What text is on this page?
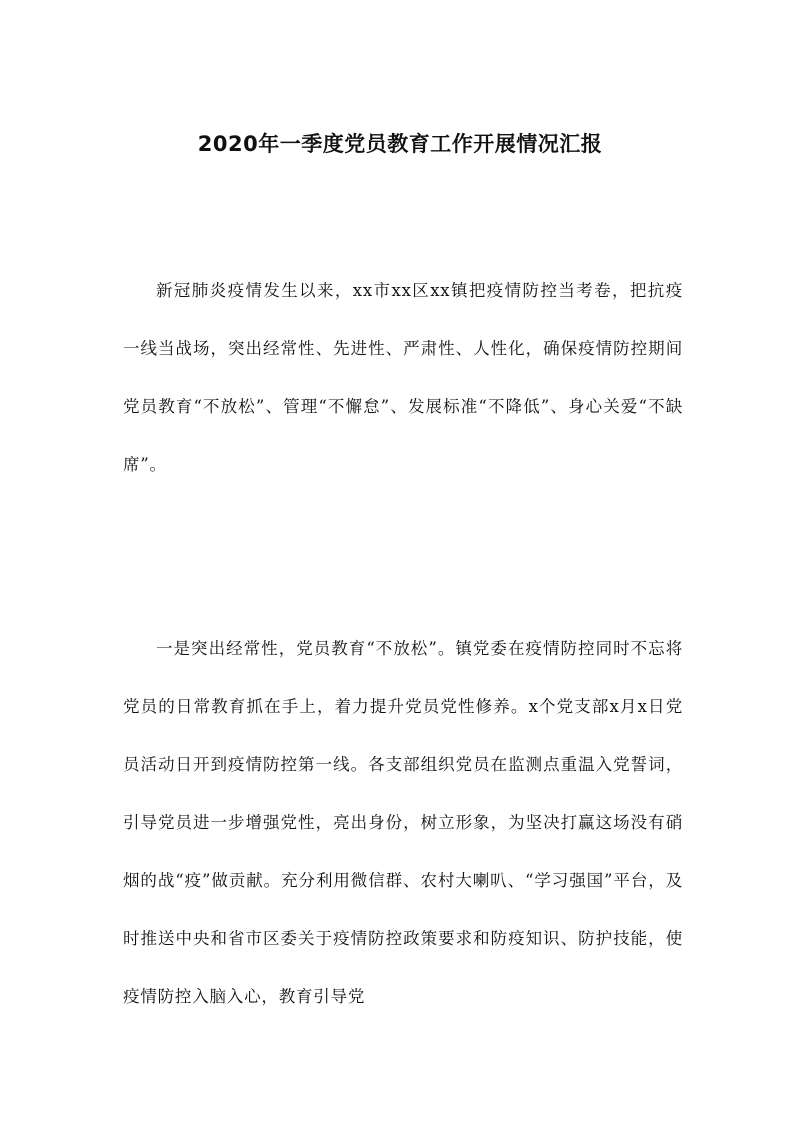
2020年一季度党员教育工作开展情况汇报

新冠肺炎疫情发生以来，xx市xx区xx镇把疫情防控当考卷，把抗疫一线当战场，突出经常性、先进性、严肃性、人性化，确保疫情防控期间党员教育“不放松”、管理“不懈怠”、发展标准“不降低”、身心关爱“不缺席”。

一是突出经常性，党员教育“不放松”。镇党委在疫情防控同时不忘将党员的日常教育抓在手上，着力提升党员党性修养。x个党支部x月x日党员活动日开到疫情防控第一线。各支部组织党员在监测点重温入党誓词，引导党员进一步增强党性，亮出身份，树立形象，为坚决打赢这场没有硝烟的战“疫”做贡献。充分利用微信群、农村大喇叭、“学习强国”平台，及时推送中央和省市区委关于疫情防控政策要求和防疫知识、防护技能，使疫情防控入脑入心，教育引导党
